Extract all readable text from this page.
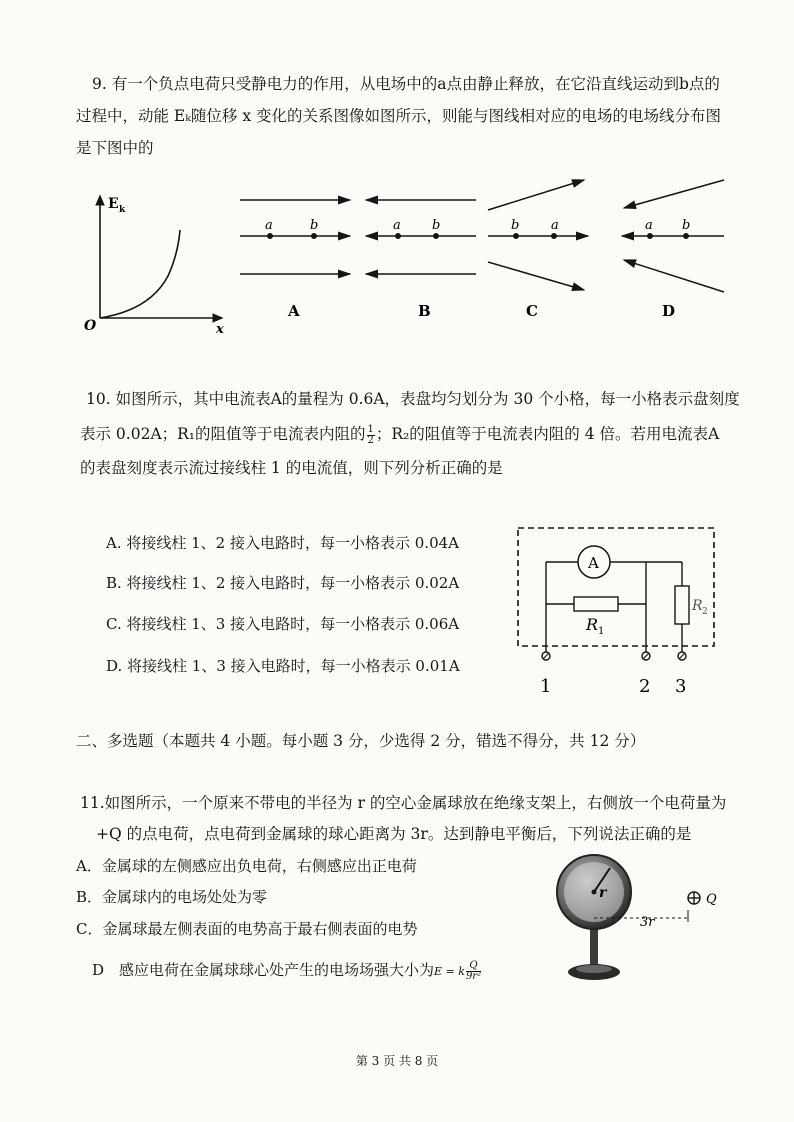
9. 有一个负点电荷只受静电力的作用，从电场中的a点由静止释放，在它沿直线运动到b点的
过程中，动能 Eₖ随位移 x 变化的关系图像如图所示，则能与图线相对应的电场的电场线分布图
是下图中的
E k
x
O
a	b
A
a b
B
b a
C
a b
D
10. 如图所示，其中电流表A的量程为 0.6A，表盘均匀划分为 30 个小格，每一小格表示盘刻度
表示 0.02A；R₁的阻值等于电流表内阻的 $\frac{1}{2}$ ；R₂的阻值等于电流表内阻的 4 倍。若用电流表A
的表盘刻度表示流过接线柱 1 的电流值，则下列分析正确的是
A. 将接线柱 1、2 接入电路时，每一小格表示 0.04A
B. 将接线柱 1、2 接入电路时，每一小格表示 0.02A
C. 将接线柱 1、3 接入电路时，每一小格表示 0.06A
D. 将接线柱 1、3 接入电路时，每一小格表示 0.01A
A
R 1
R 2
1	2 3
二、多选题（本题共 4 小题。每小题 3 分，少选得 2 分，错选不得分，共 12 分）
11.如图所示，一个原来不带电的半径为 r 的空心金属球放在绝缘支架上，右侧放一个电荷量为
+Q 的点电荷，点电荷到金属球的球心距离为 3r。达到静电平衡后，下列说法正确的是
A．金属球的左侧感应出负电荷，右侧感应出正电荷
B．金属球内的电场处处为零
C．金属球最左侧表面的电势高于最右侧表面的电势
D　感应电荷在金属球球心处产生的电场场强大小为E = k $\frac{Q}{\text{9r²}}$
r
3r
Q
第 3 页 共 8 页
